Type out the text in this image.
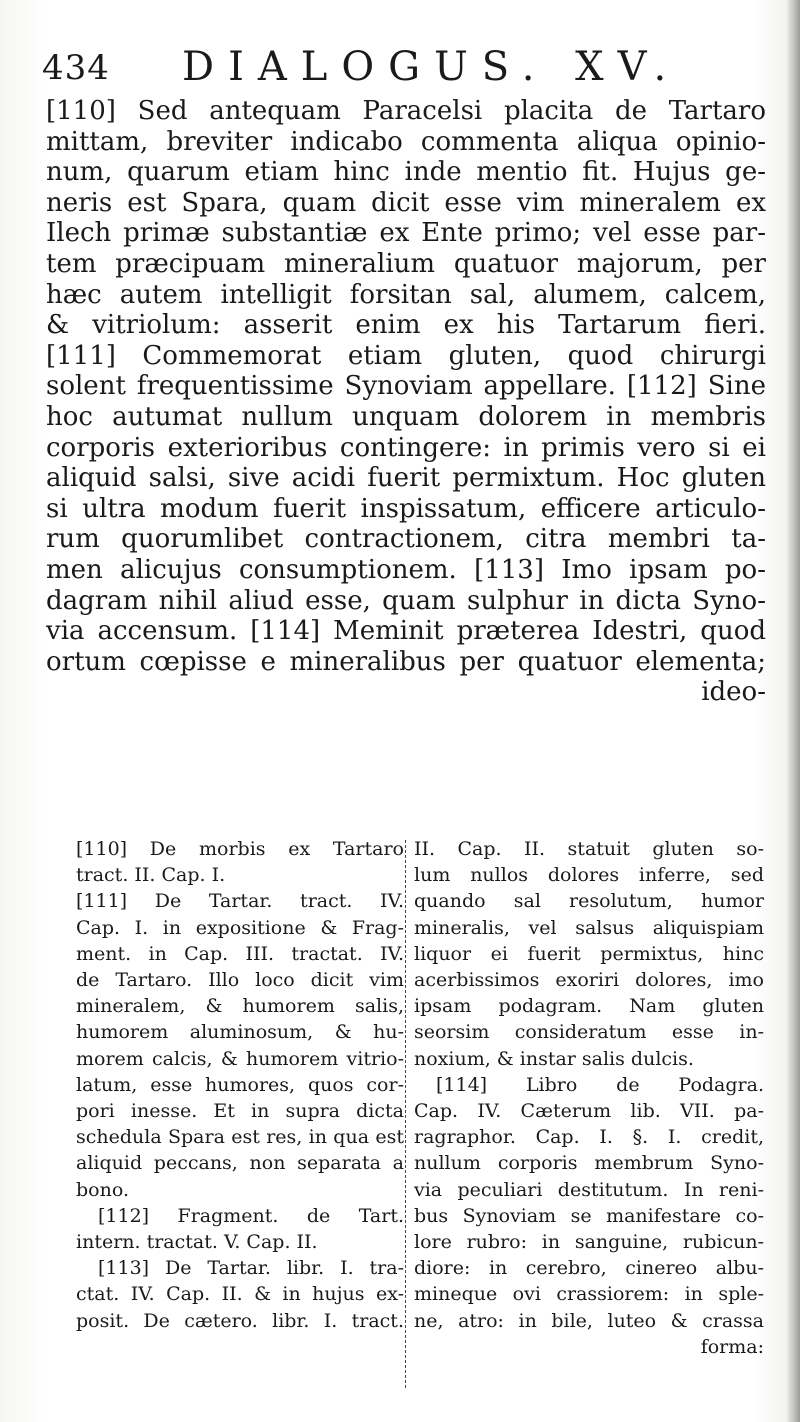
434 DIALOGUS. XV.
[110] Sed antequam Paracelsi placita de Tartaro
mittam, breviter indicabo commenta aliqua opinio-
num, quarum etiam hinc inde mentio fit. Hujus ge-
neris est Spara, quam dicit esse vim mineralem ex
Ilech primæ substantiæ ex Ente primo; vel esse par-
tem præcipuam mineralium quatuor majorum, per
hæc autem intelligit forsitan sal, alumem, calcem,
& vitriolum: asserit enim ex his Tartarum fieri.
[111] Commemorat etiam gluten, quod chirurgi
solent frequentissime Synoviam appellare. [112] Sine
hoc autumat nullum unquam dolorem in membris
corporis exterioribus contingere: in primis vero si ei
aliquid salsi, sive acidi fuerit permixtum. Hoc gluten
si ultra modum fuerit inspissatum, efficere articulo-
rum quorumlibet contractionem, citra membri ta-
men alicujus consumptionem. [113] Imo ipsam po-
dagram nihil aliud esse, quam sulphur in dicta Syno-
via accensum. [114] Meminit præterea Idestri, quod
ortum cœpisse e mineralibus per quatuor elementa;
ideo-
[110] De morbis ex Tartaro
tract. II. Cap. I.
[111] De Tartar. tract. IV.
Cap. I. in expositione & Frag-
ment. in Cap. III. tractat. IV.
de Tartaro. Illo loco dicit vim
mineralem, & humorem salis,
humorem aluminosum, & hu-
morem calcis, & humorem vitrio-
latum, esse humores, quos cor-
pori inesse. Et in supra dicta
schedula Spara est res, in qua est
aliquid peccans, non separata a
bono.
[112] Fragment. de Tart.
intern. tractat. V. Cap. II.
[113] De Tartar. libr. I. tra-
ctat. IV. Cap. II. & in hujus ex-
posit. De cætero. libr. I. tract.
II. Cap. II. statuit gluten so-
lum nullos dolores inferre, sed
quando sal resolutum, humor
mineralis, vel salsus aliquispiam
liquor ei fuerit permixtus, hinc
acerbissimos exoriri dolores, imo
ipsam podagram. Nam gluten
seorsim consideratum esse in-
noxium, & instar salis dulcis.
[114] Libro de Podagra.
Cap. IV. Cæterum lib. VII. pa-
ragraphor. Cap. I. §. I. credit,
nullum corporis membrum Syno-
via peculiari destitutum. In reni-
bus Synoviam se manifestare co-
lore rubro: in sanguine, rubicun-
diore: in cerebro, cinereo albu-
mineque ovi crassiorem: in sple-
ne, atro: in bile, luteo & crassa
forma:
